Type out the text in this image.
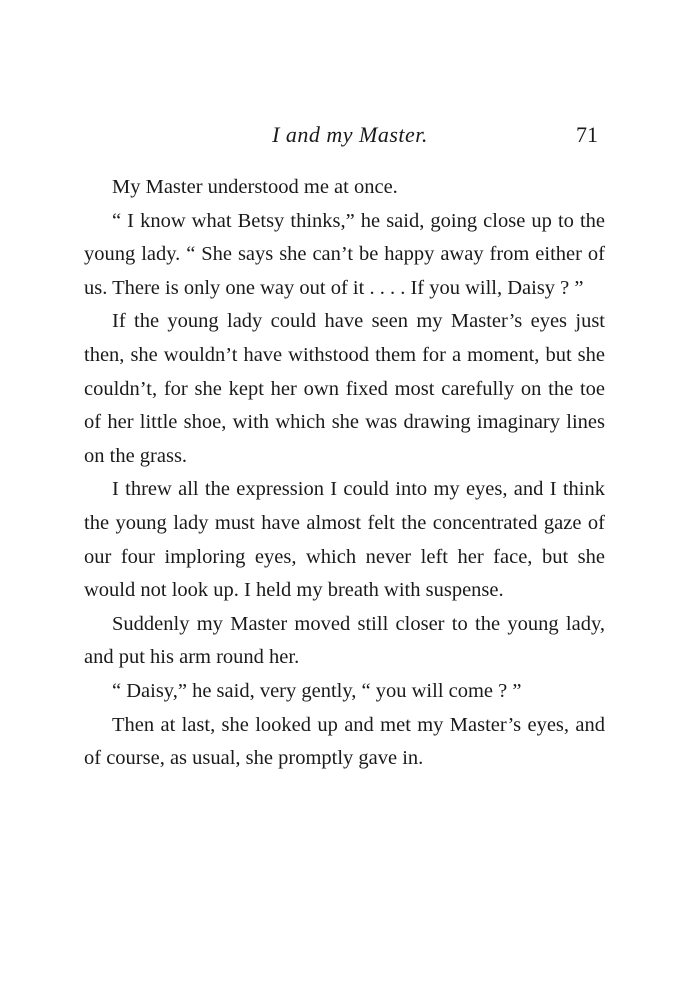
I and my Master.	71

My Master understood me at once.

“ I know what Betsy thinks,” he said, going close up to the young lady. “ She says she can’t be happy away from either of us. There is only one way out of it . . . . If you will, Daisy ? ”

If the young lady could have seen my Master’s eyes just then, she wouldn’t have withstood them for a moment, but she couldn’t, for she kept her own fixed most carefully on the toe of her little shoe, with which she was drawing imaginary lines on the grass.

I threw all the expression I could into my eyes, and I think the young lady must have almost felt the concentrated gaze of our four imploring eyes, which never left her face, but she would not look up. I held my breath with suspense.

Suddenly my Master moved still closer to the young lady, and put his arm round her.

“ Daisy,” he said, very gently, “ you will come ? ”

Then at last, she looked up and met my Master’s eyes, and of course, as usual, she promptly gave in.
